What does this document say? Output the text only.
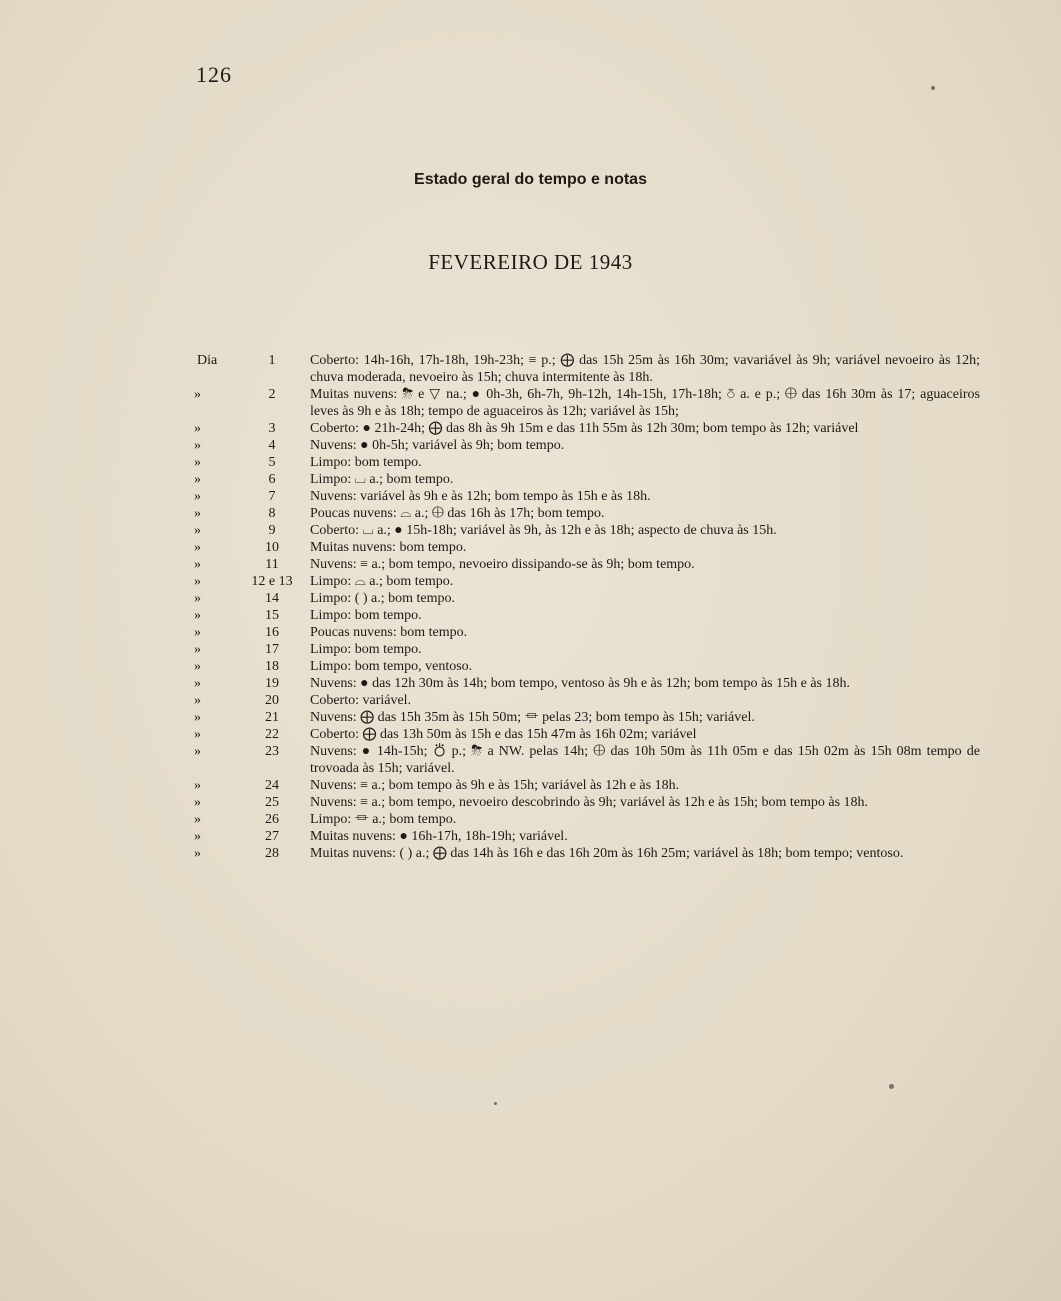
126
Estado geral do tempo e notas
FEVEREIRO DE 1943
Dia	1	Coberto: 14h-16h, 17h-18h, 19h-23h; ≡ p.; ⨁ das 15h 25m às 16h 30m; vavariável às 9h; variável nevoeiro às 12h; chuva moderada, nevoeiro às 15h; chuva intermitente às 18h.
»	2	Muitas nuvens: ⛈ e ▽ na.; ● 0h-3h, 6h-7h, 9h-12h, 14h-15h, 17h-18h; ⛣ a. e p.; ⨁ das 16h 30m às 17; aguaceiros leves às 9h e às 18h; tempo de aguaceiros às 12h; variável às 15h;
»	3	Coberto: ● 21h-24h; ⨁ das 8h às 9h 15m e das 11h 55m às 12h 30m; bom tempo às 12h; variável
»	4	Nuvens: ● 0h-5h; variável às 9h; bom tempo.
»	5	Limpo: bom tempo.
»	6	Limpo: ⌴ a.; bom tempo.
»	7	Nuvens: variável às 9h e às 12h; bom tempo às 15h e às 18h.
»	8	Poucas nuvens: ⌓ a.; ⨁ das 16h às 17h; bom tempo.
»	9	Coberto: ⌴ a.; ● 15h-18h; variável às 9h, às 12h e às 18h; aspecto de chuva às 15h.
»	10	Muitas nuvens: bom tempo.
»	11	Nuvens: ≡ a.; bom tempo, nevoeiro dissipando-se às 9h; bom tempo.
»	12 e 13	Limpo: ⌓ a.; bom tempo.
»	14	Limpo: ( ) a.; bom tempo.
»	15	Limpo: bom tempo.
»	16	Poucas nuvens: bom tempo.
»	17	Limpo: bom tempo.
»	18	Limpo: bom tempo, ventoso.
»	19	Nuvens: ● das 12h 30m às 14h; bom tempo, ventoso às 9h e às 12h; bom tempo às 15h e às 18h.
»	20	Coberto: variável.
»	21	Nuvens: ⨁ das 15h 35m às 15h 50m; ⏛ pelas 23; bom tempo às 15h; variável.
»	22	Coberto: ⨁ das 13h 50m às 15h e das 15h 47m às 16h 02m; variável
»	23	Nuvens: ● 14h-15h; ⛣ p.; ⛈ a NW. pelas 14h; ⨁ das 10h 50m às 11h 05m e das 15h 02m às 15h 08m tempo de trovoada às 15h; variável.
»	24	Nuvens: ≡ a.; bom tempo às 9h e às 15h; variável às 12h e às 18h.
»	25	Nuvens: ≡ a.; bom tempo, nevoeiro descobrindo às 9h; variável às 12h e às 15h; bom tempo às 18h.
»	26	Limpo: ⏛ a.; bom tempo.
»	27	Muitas nuvens: ● 16h-17h, 18h-19h; variável.
»	28	Muitas nuvens: ( ) a.; ⨁ das 14h às 16h e das 16h 20m às 16h 25m; variável às 18h; bom tempo; ventoso.
